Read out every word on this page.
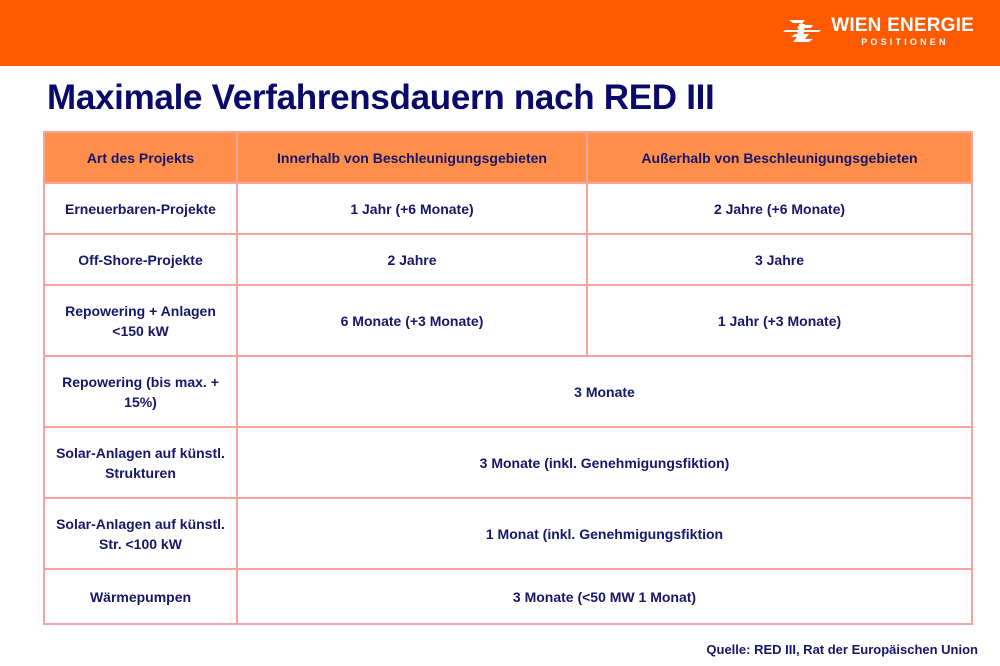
WIEN ENERGIE
POSITIONEN
Maximale Verfahrensdauern nach RED III
Art des Projekts	Innerhalb von Beschleunigungsgebieten	Außerhalb von Beschleunigungsgebieten
Erneuerbaren-Projekte	1 Jahr (+6 Monate)	2 Jahre (+6 Monate)
Off-Shore-Projekte	2 Jahre	3 Jahre
Repowering + Anlagen <150 kW	6 Monate (+3 Monate)	1 Jahr (+3 Monate)
Repowering (bis max. + 15%)	3 Monate	
Solar-Anlagen auf künstl. Strukturen	3 Monate (inkl. Genehmigungsfiktion)	
Solar-Anlagen auf künstl. Str. <100 kW	1 Monat (inkl. Genehmigungsfiktion	
Wärmepumpen	3 Monate (<50 MW 1 Monat)	
Quelle: RED III, Rat der Europäischen Union
